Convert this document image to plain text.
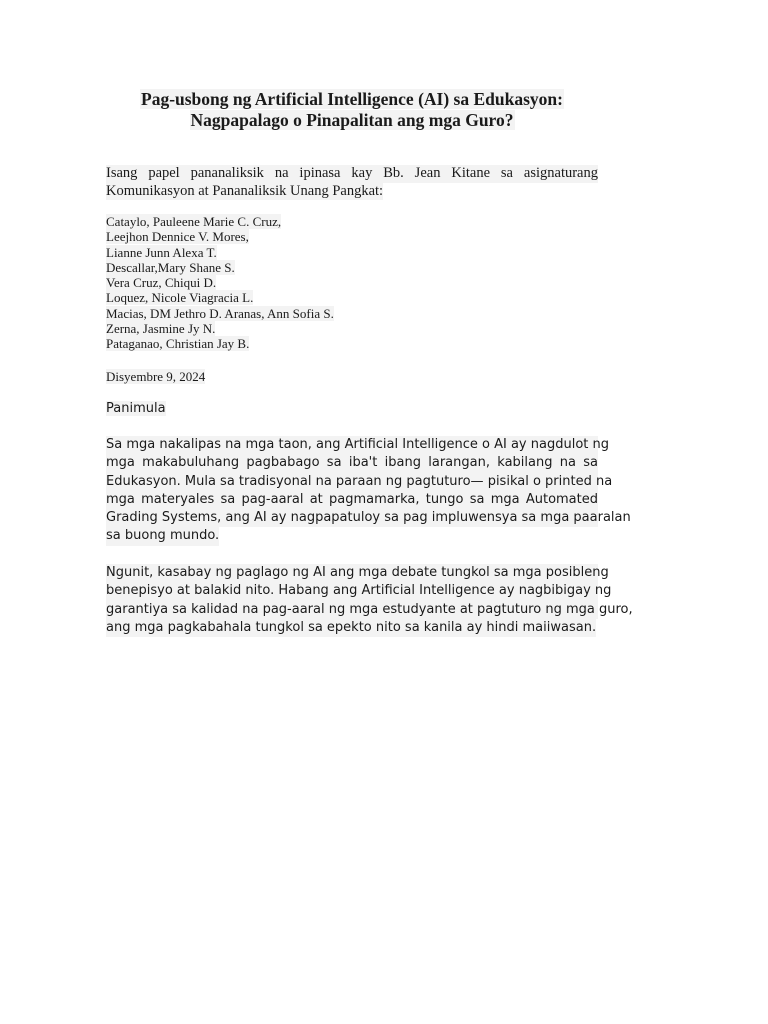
Pag-usbong ng Artificial Intelligence (AI) sa Edukasyon:
Nagpapalago o Pinapalitan ang mga Guro?
Isang papel pananaliksik na ipinasa kay Bb. Jean Kitane sa asignaturang
Komunikasyon at Pananaliksik Unang Pangkat:
Cataylo, Pauleene Marie C. Cruz,
Leejhon Dennice V. Mores,
Lianne Junn Alexa T.
Descallar,Mary Shane S.
Vera Cruz, Chiqui D.
Loquez, Nicole Viagracia L.
Macias, DM Jethro D. Aranas, Ann Sofia S.
Zerna, Jasmine Jy N.
Pataganao, Christian Jay B.
Disyembre 9, 2024
Panimula
Sa mga nakalipas na mga taon, ang Artificial Intelligence o AI ay nagdulot ng
mga makabuluhang pagbabago sa iba't ibang larangan, kabilang na sa
Edukasyon. Mula sa tradisyonal na paraan ng pagtuturo— pisikal o printed na
mga materyales sa pag-aaral at pagmamarka, tungo sa mga Automated
Grading Systems, ang AI ay nagpapatuloy sa pag impluwensya sa mga paaralan
sa buong mundo.
Ngunit, kasabay ng paglago ng AI ang mga debate tungkol sa mga posibleng
benepisyo at balakid nito. Habang ang Artificial Intelligence ay nagbibigay ng
garantiya sa kalidad na pag-aaral ng mga estudyante at pagtuturo ng mga guro,
ang mga pagkabahala tungkol sa epekto nito sa kanila ay hindi maiiwasan.
